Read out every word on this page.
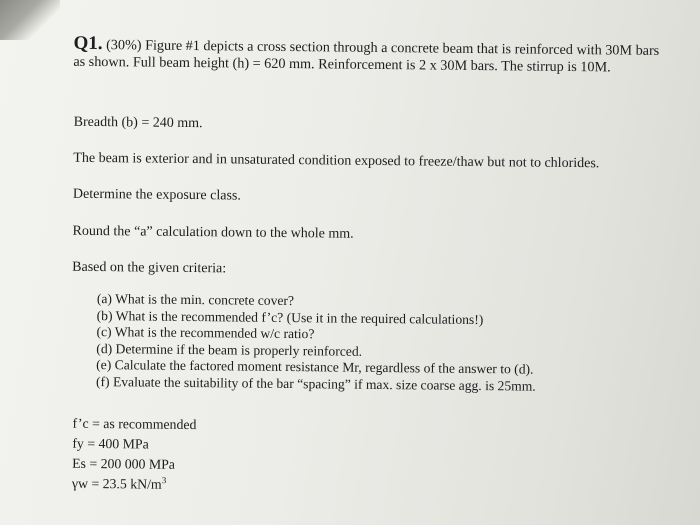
Q1. (30%) Figure #1 depicts a cross section through a concrete beam that is reinforced with 30M bars as shown. Full beam height (h) = 620 mm. Reinforcement is 2 x 30M bars. The stirrup is 10M.
Breadth (b) = 240 mm.
The beam is exterior and in unsaturated condition exposed to freeze/thaw but not to chlorides.
Determine the exposure class.
Round the “a” calculation down to the whole mm.
Based on the given criteria:
(a) What is the min. concrete cover?
(b) What is the recommended f’c? (Use it in the required calculations!)
(c) What is the recommended w/c ratio?
(d) Determine if the beam is properly reinforced.
(e) Calculate the factored moment resistance Mr, regardless of the answer to (d).
(f) Evaluate the suitability of the bar “spacing” if max. size coarse agg. is 25mm.
f’c = as recommended
fy = 400 MPa
Es = 200 000 MPa
γw = 23.5 $kN/m^3$
